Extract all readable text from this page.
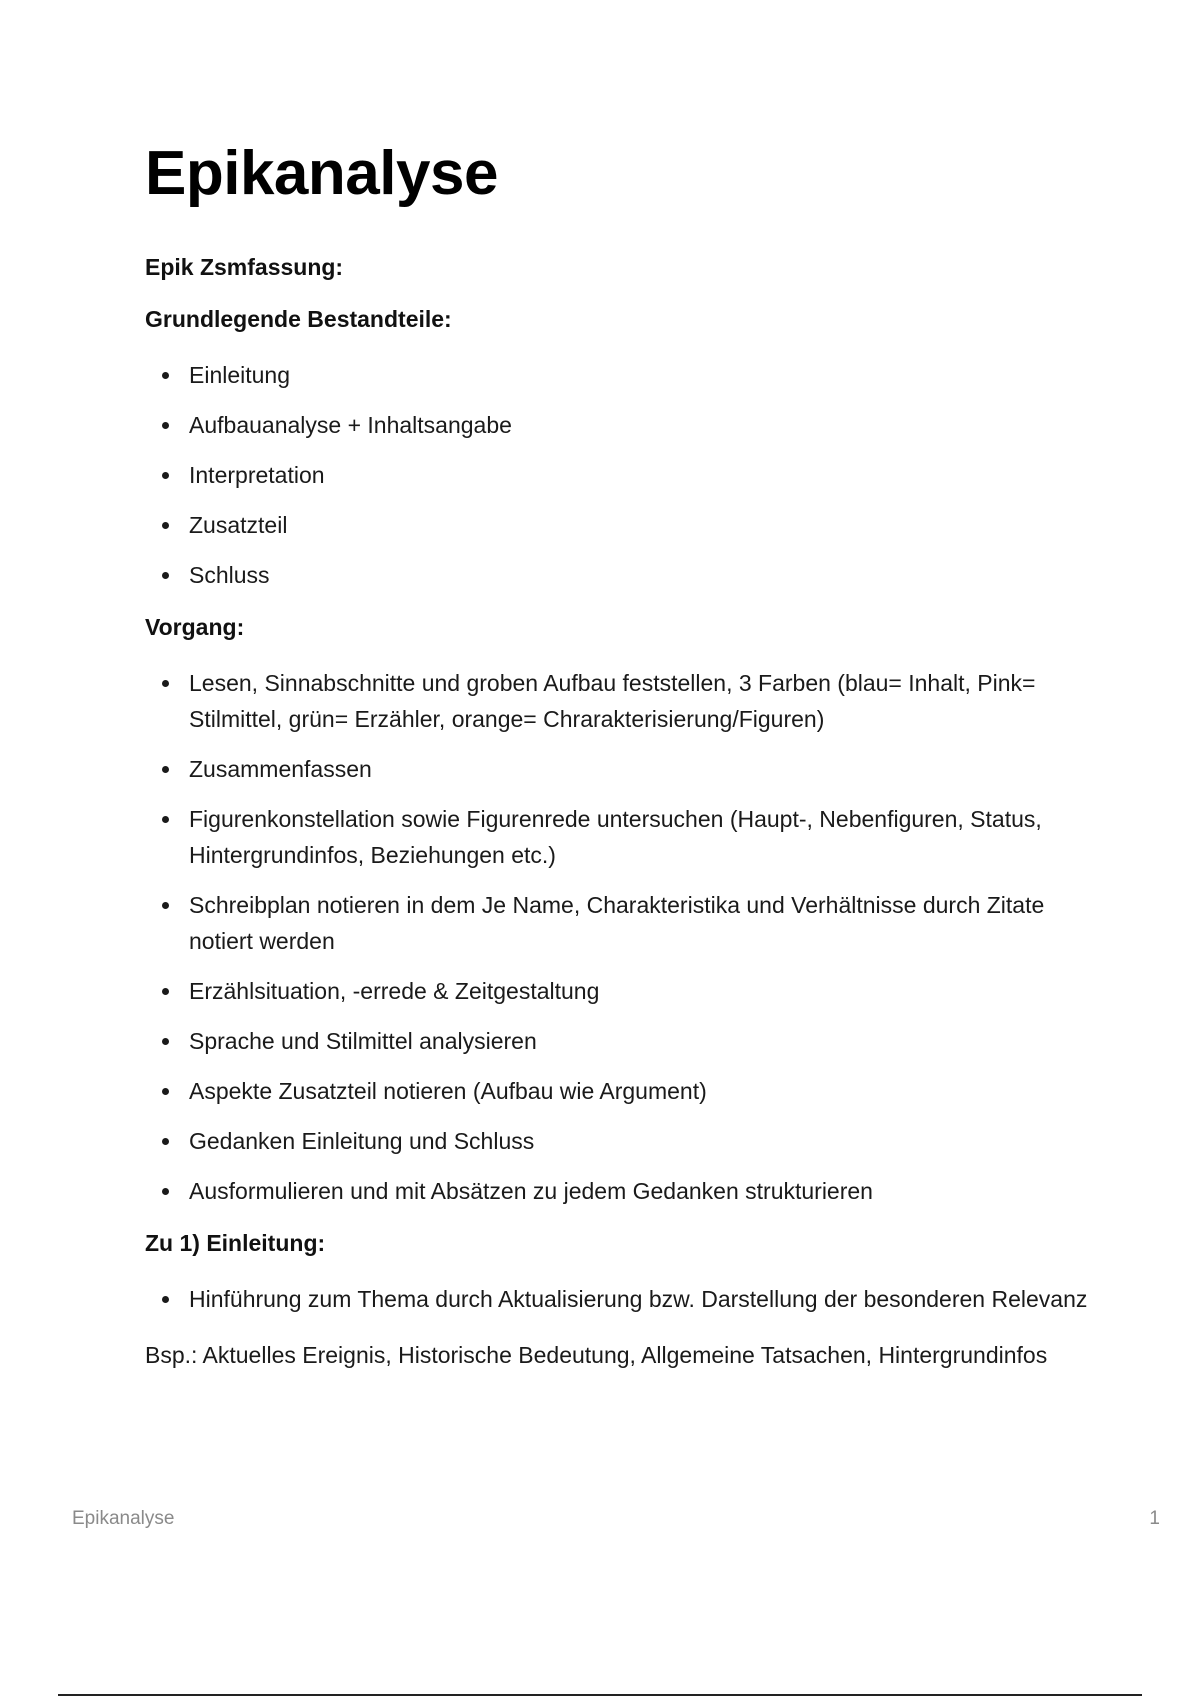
Epikanalyse
Epik Zsmfassung:
Grundlegende Bestandteile:
Einleitung
Aufbauanalyse + Inhaltsangabe
Interpretation
Zusatzteil
Schluss
Vorgang:
Lesen, Sinnabschnitte und groben Aufbau feststellen, 3 Farben (blau= Inhalt, Pink= Stilmittel, grün= Erzähler, orange= Chrarakterisierung/Figuren)
Zusammenfassen
Figurenkonstellation sowie Figurenrede untersuchen (Haupt-, Nebenfiguren, Status, Hintergrundinfos, Beziehungen etc.)
Schreibplan notieren in dem Je Name, Charakteristika und Verhältnisse durch Zitate notiert werden
Erzählsituation, -errede & Zeitgestaltung
Sprache und Stilmittel analysieren
Aspekte Zusatzteil notieren (Aufbau wie Argument)
Gedanken Einleitung und Schluss
Ausformulieren und mit Absätzen zu jedem Gedanken strukturieren
Zu 1) Einleitung:
Hinführung zum Thema durch Aktualisierung bzw. Darstellung der besonderen Relevanz

Bsp.: Aktuelles Ereignis, Historische Bedeutung, Allgemeine Tatsachen, Hintergrundinfos

Epikanalyse	1
